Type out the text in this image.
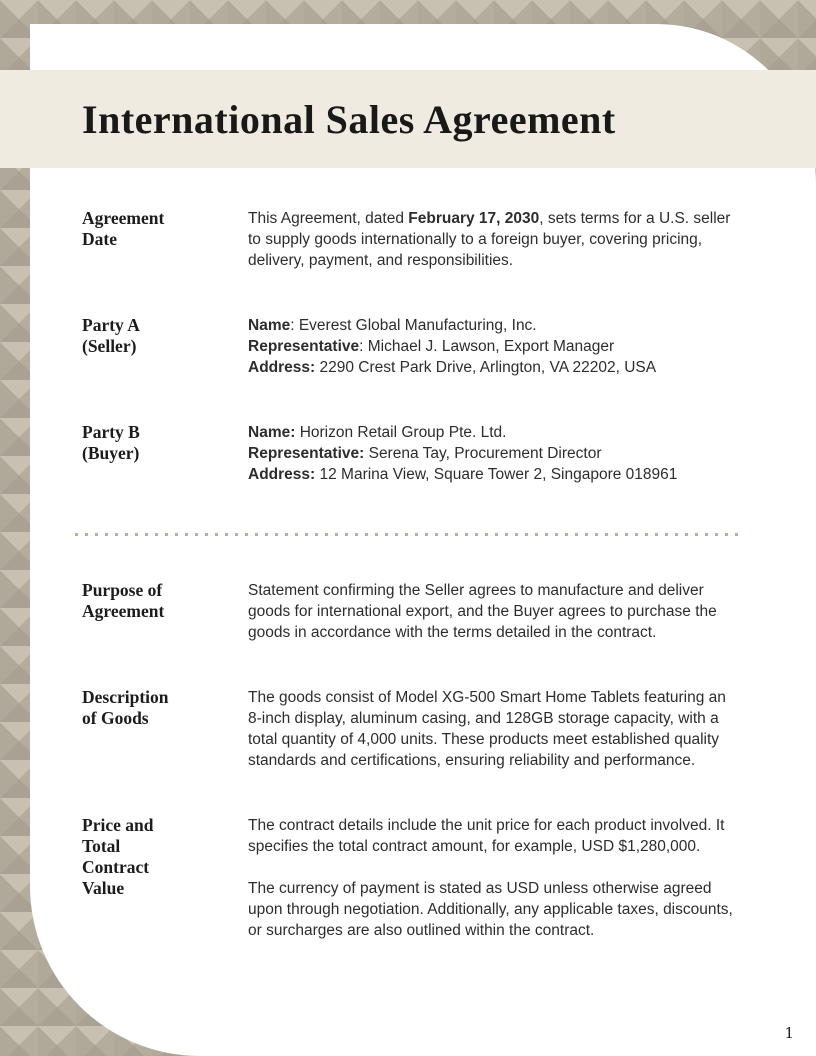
International Sales Agreement
Agreement Date

This Agreement, dated February 17, 2030, sets terms for a U.S. seller to supply goods internationally to a foreign buyer, covering pricing, delivery, payment, and responsibilities.

Party A (Seller)

Name: Everest Global Manufacturing, Inc.

Representative: Michael J. Lawson, Export Manager

Address: 2290 Crest Park Drive, Arlington, VA 22202, USA

Party B (Buyer)

Name: Horizon Retail Group Pte. Ltd.

Representative: Serena Tay, Procurement Director

Address: 12 Marina View, Square Tower 2, Singapore 018961

Purpose of Agreement

Statement confirming the Seller agrees to manufacture and deliver goods for international export, and the Buyer agrees to purchase the goods in accordance with the terms detailed in the contract.

Description of Goods

The goods consist of Model XG-500 Smart Home Tablets featuring an 8-inch display, aluminum casing, and 128GB storage capacity, with a total quantity of 4,000 units. These products meet established quality standards and certifications, ensuring reliability and performance.

Price and Total Contract Value

The contract details include the unit price for each product involved. It specifies the total contract amount, for example, USD $1,280,000.

The currency of payment is stated as USD unless otherwise agreed upon through negotiation. Additionally, any applicable taxes, discounts, or surcharges are also outlined within the contract.

1
